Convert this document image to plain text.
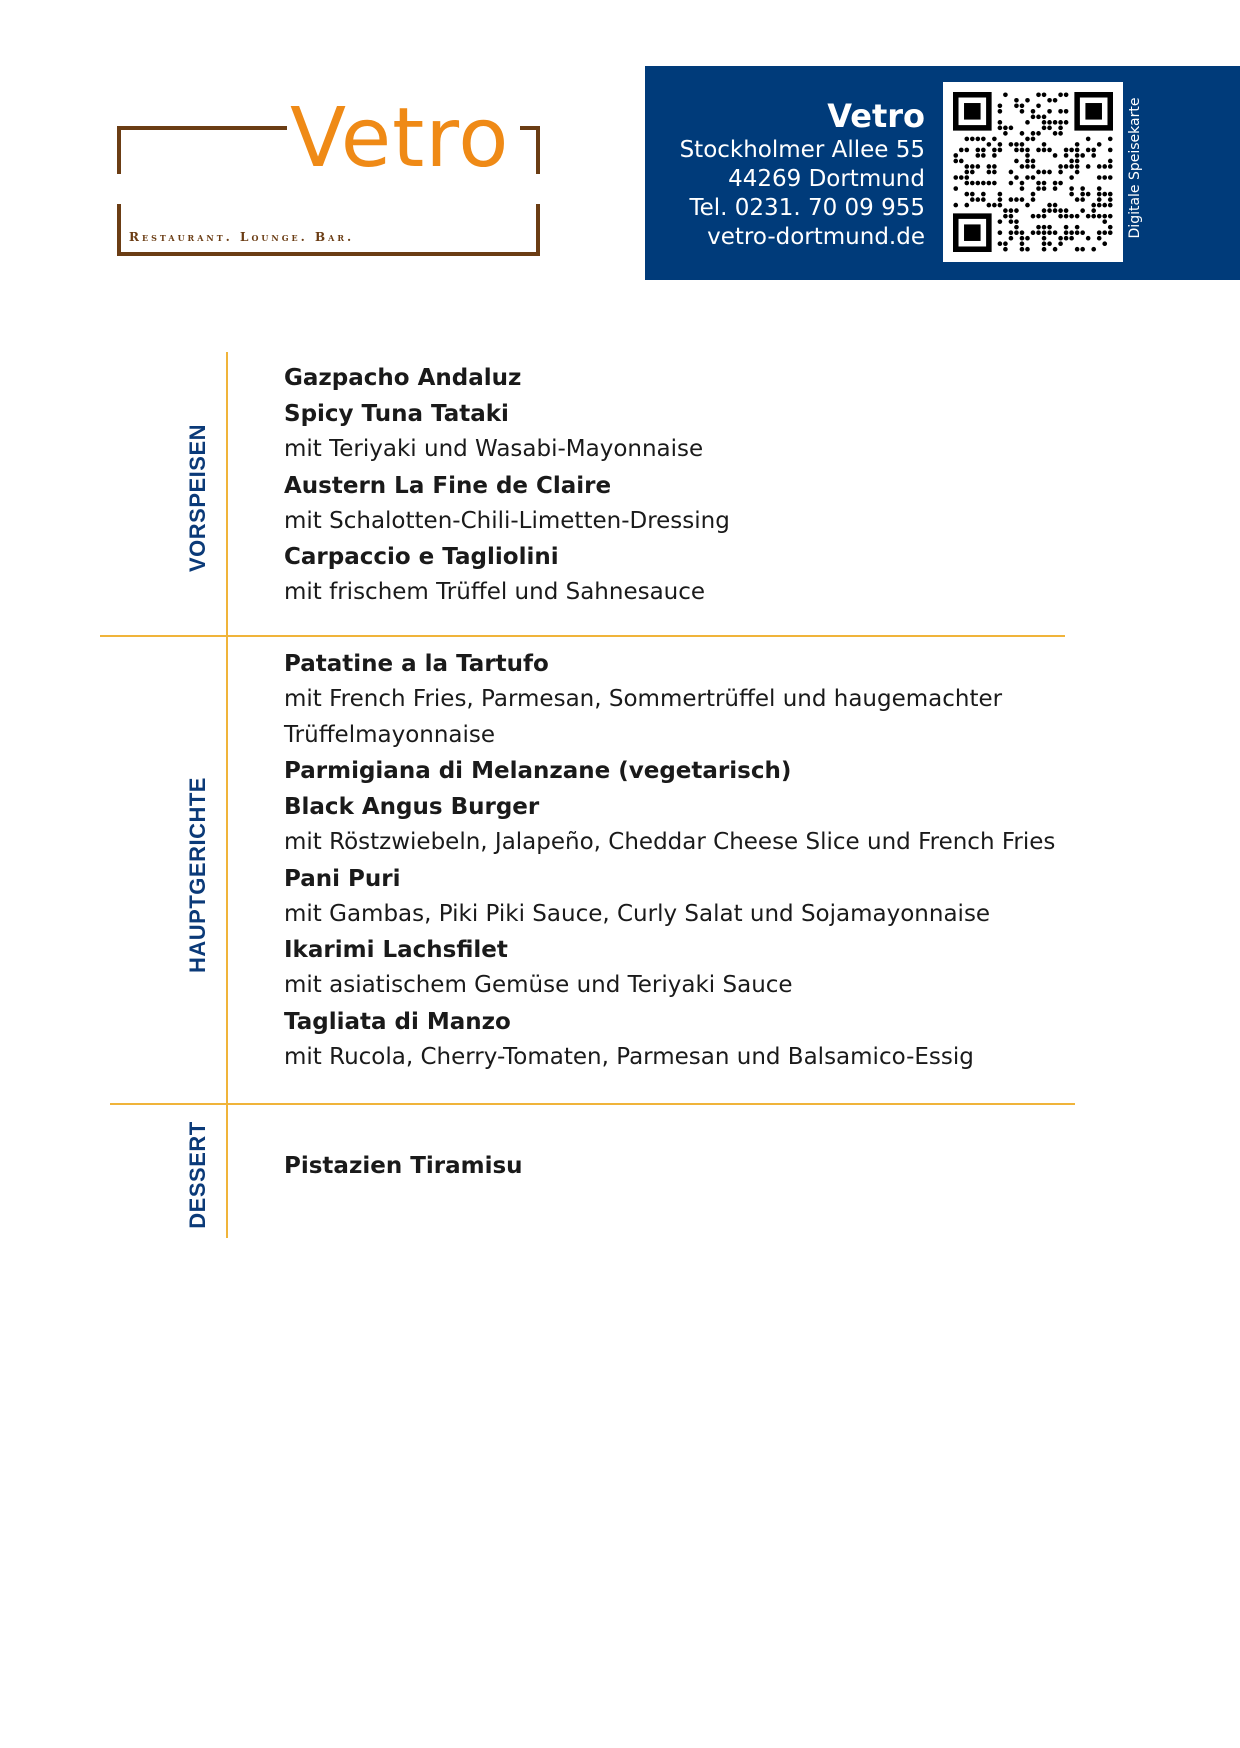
Vetro
Restaurant. Lounge. Bar.
Vetro
Stockholmer Allee 55
44269 Dortmund
Tel. 0231. 70 09 955
vetro-dortmund.de	Digitale Speisekarte
VORSPEISEN
HAUPTGERICHTE
DESSERT

Gazpacho Andaluz

Spicy Tuna Tataki

mit Teriyaki und Wasabi-Mayonnaise

Austern La Fine de Claire

mit Schalotten-Chili-Limetten-Dressing

Carpaccio e Tagliolini

mit frischem Trüffel und Sahnesauce

Patatine a la Tartufo

mit French Fries, Parmesan, Sommertrüffel und haugemachter

Trüffelmayonnaise

Parmigiana di Melanzane (vegetarisch)

Black Angus Burger

mit Röstzwiebeln, Jalapeño, Cheddar Cheese Slice und French Fries

Pani Puri

mit Gambas, Piki Piki Sauce, Curly Salat und Sojamayonnaise

Ikarimi Lachsfilet

mit asiatischem Gemüse und Teriyaki Sauce

Tagliata di Manzo

mit Rucola, Cherry-Tomaten, Parmesan und Balsamico-Essig

Pistazien Tiramisu
